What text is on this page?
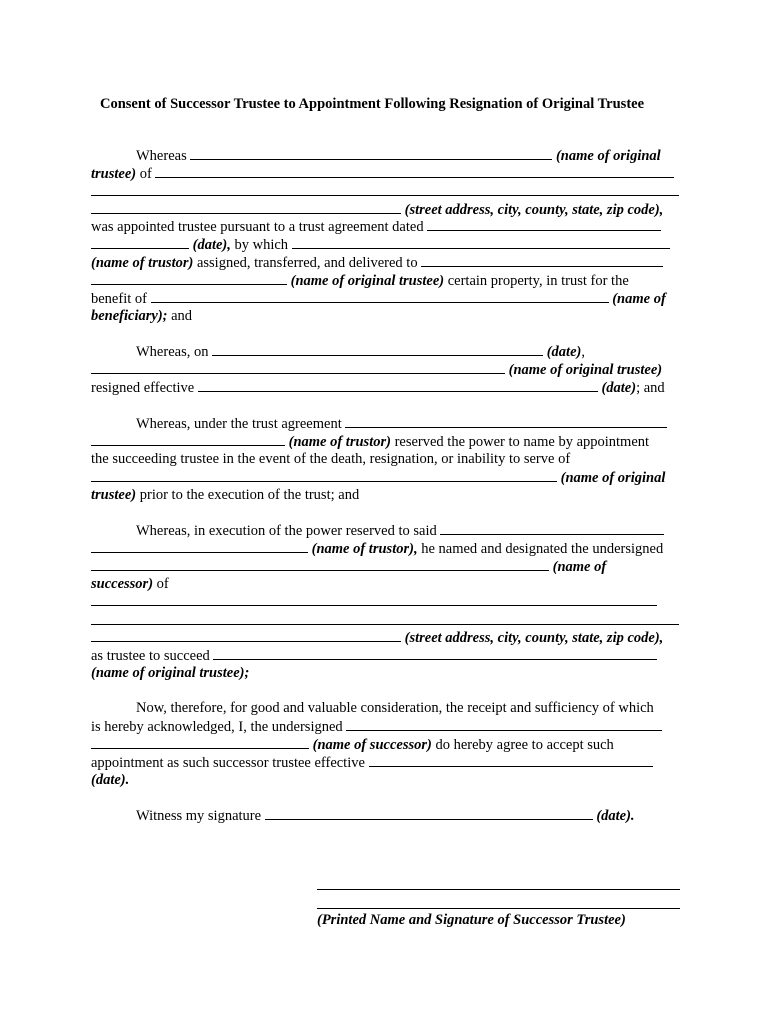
Consent of Successor Trustee to Appointment Following Resignation of Original Trustee
Whereas	(name of original
trustee) of
(street address, city, county, state, zip code),
was appointed trustee pursuant to a trust agreement dated
(date), by which
(name of trustor) assigned, transferred, and delivered to
(name of original trustee) certain property, in trust for the
benefit of	(name of
beneficiary); and
Whereas, on	(date),
(name of original trustee)
resigned effective	(date); and
Whereas, under the trust agreement
(name of trustor) reserved the power to name by appointment
the succeeding trustee in the event of the death, resignation, or inability to serve of
(name of original
trustee) prior to the execution of the trust; and
Whereas, in execution of the power reserved to said
(name of trustor), he named and designated the undersigned
(name of
successor) of
(street address, city, county, state, zip code),
as trustee to succeed
(name of original trustee);
Now, therefore, for good and valuable consideration, the receipt and sufficiency of which
is hereby acknowledged, I, the undersigned
(name of successor) do hereby agree to accept such
appointment as such successor trustee effective
(date).
Witness my signature	(date).
(Printed Name and Signature of Successor Trustee)
